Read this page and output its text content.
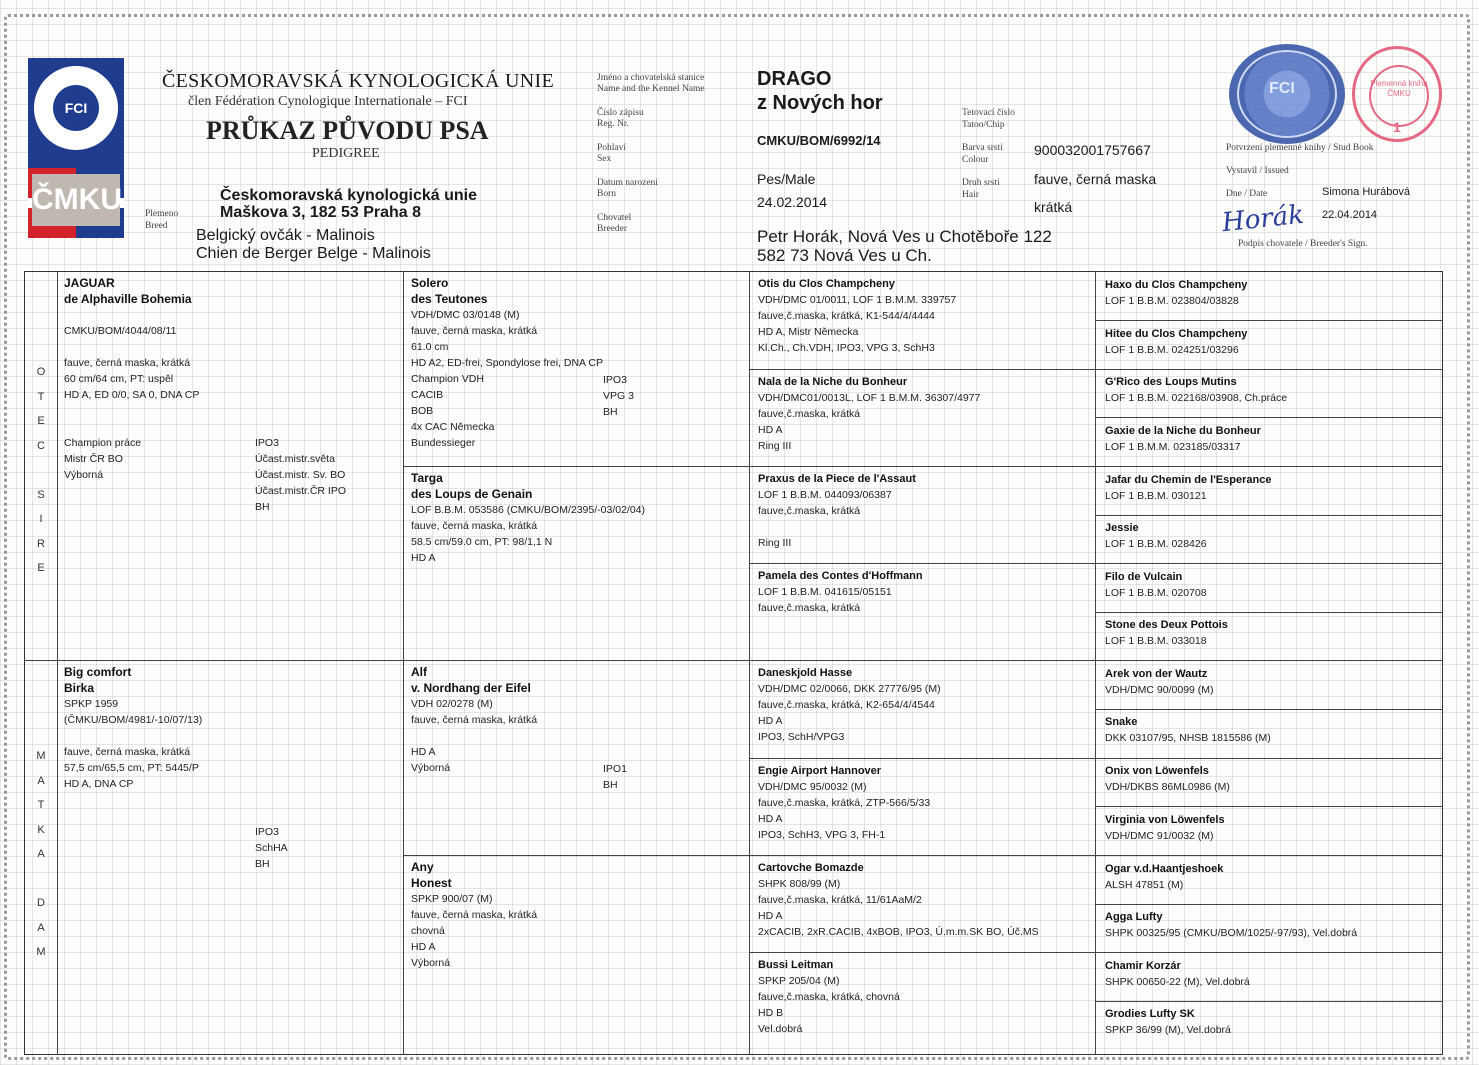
FCI
ČMKU
ČESKOMORAVSKÁ KYNOLOGICKÁ UNIE
člen Fédération Cynologique Internationale – FCI
PRŮKAZ PŮVODU PSA
PEDIGREE
Českomoravská kynologická unie
Maškova 3, 182 53 Praha 8
Plemeno
Breed
Belgický ovčák - Malinois
Chien de Berger Belge - Malinois
Jméno a chovatelská stanice
Name and the Kennel Name
Číslo zápisu
Reg. Nr.
Pohlaví
Sex
Datum narození
Born
Chovatel
Breeder
DRAGO
z Nových hor
CMKU/BOM/6992/14
Pes/Male
24.02.2014
Petr Horák, Nová Ves u Chotěboře 122
582 73 Nová Ves u Ch.
Tetovací číslo
Tatoo/Chip
Barva srsti
Colour
Druh srsti
Hair
900032001757667
fauve, černá maska
krátká
FCI	Plemenná kniha ČMKU
1
Potvrzení plemenné knihy / Stud Book
Vystavil / Issued
Dne / Date	Simona Hurábová
22.04.2014
Horák
Podpis chovatele / Breeder's Sign.
O
T
E
C
S
I
R
E
M
A
T
K
A
D
A
M
JAGUAR
de Alphaville Bohemia

CMKU/BOM/4044/08/11

fauve, černá maska, krátká
60 cm/64 cm, PT: uspěl
HD A, ED 0/0, SA 0, DNA CP

Champion práce
Mistr ČR BO
Výborná
IPO3
Účast.mistr.světa
Účast.mistr. Sv. BO
Účast.mistr.ČR IPO
BH
Big comfort
Birka
SPKP 1959
(ČMKU/BOM/4981/-10/07/13)

fauve, černá maska, krátká
57,5 cm/65,5 cm, PT: 5445/P
HD A, DNA CP
IPO3
SchHA
BH
Solero
des Teutones
VDH/DMC 03/0148 (M)
fauve, černá maska, krátká
61.0 cm
HD A2, ED-frei, Spondylose frei, DNA CP
Champion VDH
CACIB
BOB
4x CAC Německa
Bundessieger
Targa
des Loups de Genain
LOF B.B.M. 053586 (CMKU/BOM/2395/-03/02/04)
fauve, černá maska, krátká
58.5 cm/59.0 cm, PT: 98/1,1 N
HD A
Alf
v. Nordhang der Eifel
VDH 02/0278 (M)
fauve, černá maska, krátká

HD A
Výborná
Any
Honest
SPKP 900/07 (M)
fauve, černá maska, krátká
chovná
HD A
Výborná
IPO3
VPG 3
BH
IPO1
BH
Otis du Clos Champcheny
VDH/DMC 01/0011, LOF 1 B.M.M. 339757
fauve,č.maska, krátká, K1-544/4/4444
HD A, Mistr Německa
Kl.Ch., Ch.VDH, IPO3, VPG 3, SchH3
Nala de la Niche du Bonheur
VDH/DMC01/0013L, LOF 1 B.M.M. 36307/4977
fauve,č.maska, krátká
HD A
Ring III
Praxus de la Piece de l'Assaut
LOF 1 B.B.M. 044093/06387
fauve,č.maska, krátká

Ring III
Pamela des Contes d'Hoffmann
LOF 1 B.B.M. 041615/05151
fauve,č.maska, krátká
Daneskjold Hasse
VDH/DMC 02/0066, DKK 27776/95 (M)
fauve,č.maska, krátká, K2-654/4/4544
HD A
IPO3, SchH/VPG3
Engie Airport Hannover
VDH/DMC 95/0032 (M)
fauve,č.maska, krátká, ZTP-566/5/33
HD A
IPO3, SchH3, VPG 3, FH-1
Cartovche Bomazde
SHPK 808/99 (M)
fauve,č.maska, krátká, 11/61AaM/2
HD A
2xCACIB, 2xR.CACIB, 4xBOB, IPO3, Ú.m.m.SK BO, Úč.MS
Bussi Leitman
SPKP 205/04 (M)
fauve,č.maska, krátká, chovná
HD B
Vel.dobrá
Haxo du Clos Champcheny
LOF 1 B.B.M. 023804/03828
Hitee du Clos Champcheny
LOF 1 B.B.M. 024251/03296
G'Rico des Loups Mutins
LOF 1 B.B.M. 022168/03908, Ch.práce
Gaxie de la Niche du Bonheur
LOF 1 B.M.M. 023185/03317
Jafar du Chemin de l'Esperance
LOF 1 B.B.M. 030121
Jessie
LOF 1 B.B.M. 028426
Filo de Vulcain
LOF 1 B.B.M. 020708
Stone des Deux Pottois
LOF 1 B.B.M. 033018
Arek von der Wautz
VDH/DMC 90/0099 (M)
Snake
DKK 03107/95, NHSB 1815586 (M)
Onix von Löwenfels
VDH/DKBS 86ML0986 (M)
Virginia von Löwenfels
VDH/DMC 91/0032 (M)
Ogar v.d.Haantjeshoek
ALSH 47851 (M)
Agga Lufty
SHPK 00325/95 (CMKU/BOM/1025/-97/93), Vel.dobrá
Chamir Korzár
SHPK 00650-22 (M), Vel.dobrá
Grodies Lufty SK
SPKP 36/99 (M), Vel.dobrá
